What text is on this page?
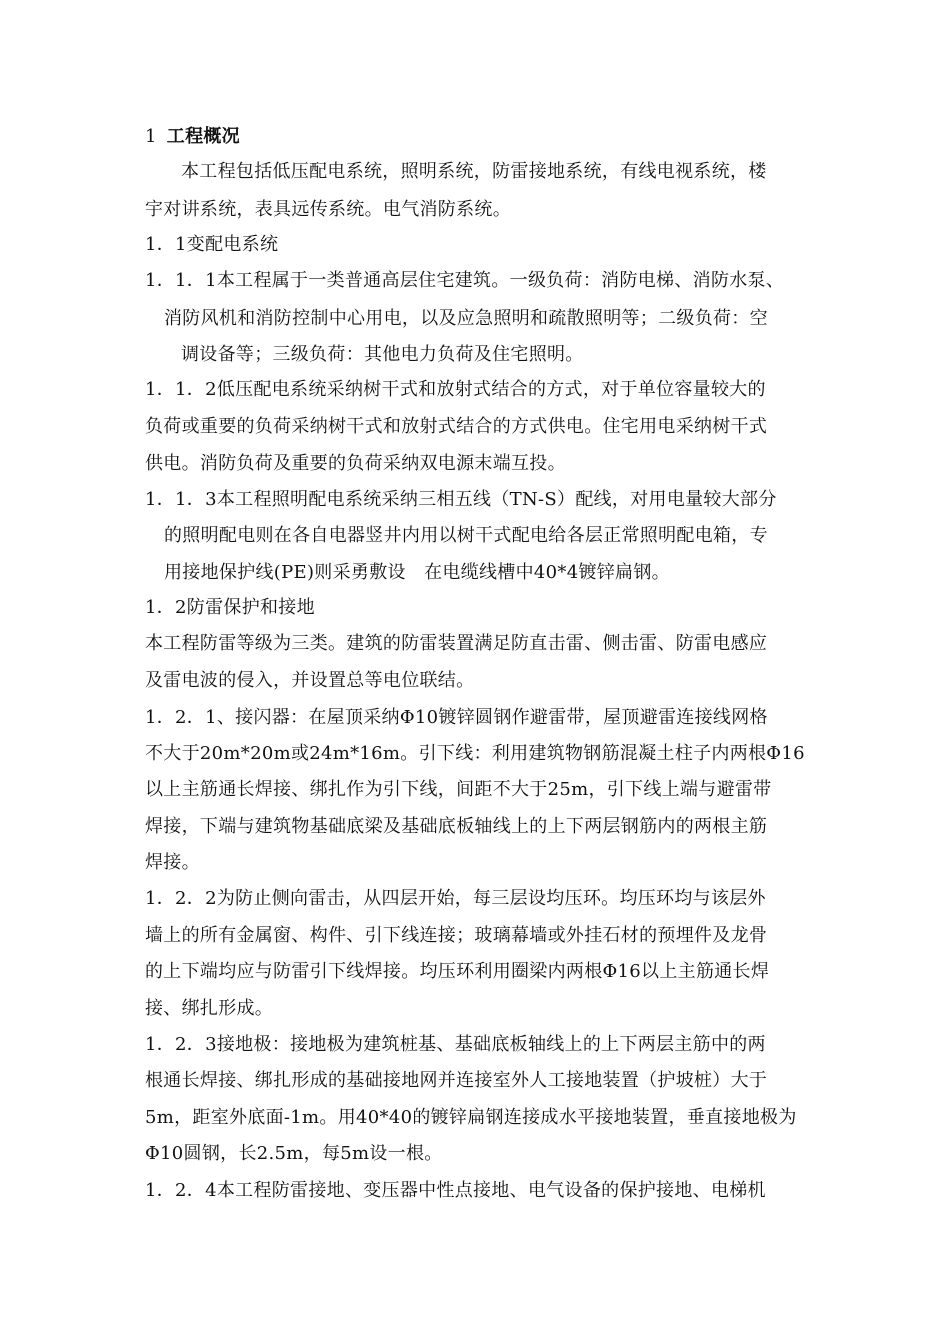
1 工程概况
本工程包括低压配电系统，照明系统，防雷接地系统，有线电视系统，楼
宇对讲系统，表具远传系统。电气消防系统。
1．1变配电系统
1．1．1本工程属于一类普通高层住宅建筑。一级负荷：消防电梯、消防水泵、
消防风机和消防控制中心用电，以及应急照明和疏散照明等；二级负荷：空
调设备等；三级负荷：其他电力负荷及住宅照明。
1．1．2低压配电系统采纳树干式和放射式结合的方式，对于单位容量较大的
负荷或重要的负荷采纳树干式和放射式结合的方式供电。住宅用电采纳树干式
供电。消防负荷及重要的负荷采纳双电源末端互投。
1．1．3本工程照明配电系统采纳三相五线（TN-S）配线，对用电量较大部分
的照明配电则在各自电器竖井内用以树干式配电给各层正常照明配电箱，专
用接地保护线(PE)则采勇敷设　在电缆线槽中40*4镀锌扁钢。
1．2防雷保护和接地
本工程防雷等级为三类。建筑的防雷装置满足防直击雷、侧击雷、防雷电感应
及雷电波的侵入，并设置总等电位联结。
1．2．1、接闪器：在屋顶采纳Φ10镀锌圆钢作避雷带，屋顶避雷连接线网格
不大于20m*20m或24m*16m。引下线：利用建筑物钢筋混凝土柱子内两根Φ16
以上主筋通长焊接、绑扎作为引下线，间距不大于25m，引下线上端与避雷带
焊接，下端与建筑物基础底梁及基础底板轴线上的上下两层钢筋内的两根主筋
焊接。
1．2．2为防止侧向雷击，从四层开始，每三层设均压环。均压环均与该层外
墙上的所有金属窗、构件、引下线连接；玻璃幕墙或外挂石材的预埋件及龙骨
的上下端均应与防雷引下线焊接。均压环利用圈梁内两根Φ16以上主筋通长焊
接、绑扎形成。
1．2．3接地极：接地极为建筑桩基、基础底板轴线上的上下两层主筋中的两
根通长焊接、绑扎形成的基础接地网并连接室外人工接地装置（护坡桩）大于
5m，距室外底面-1m。用40*40的镀锌扁钢连接成水平接地装置，垂直接地极为
Φ10圆钢，长2.5m，每5m设一根。
1．2．4本工程防雷接地、变压器中性点接地、电气设备的保护接地、电梯机
